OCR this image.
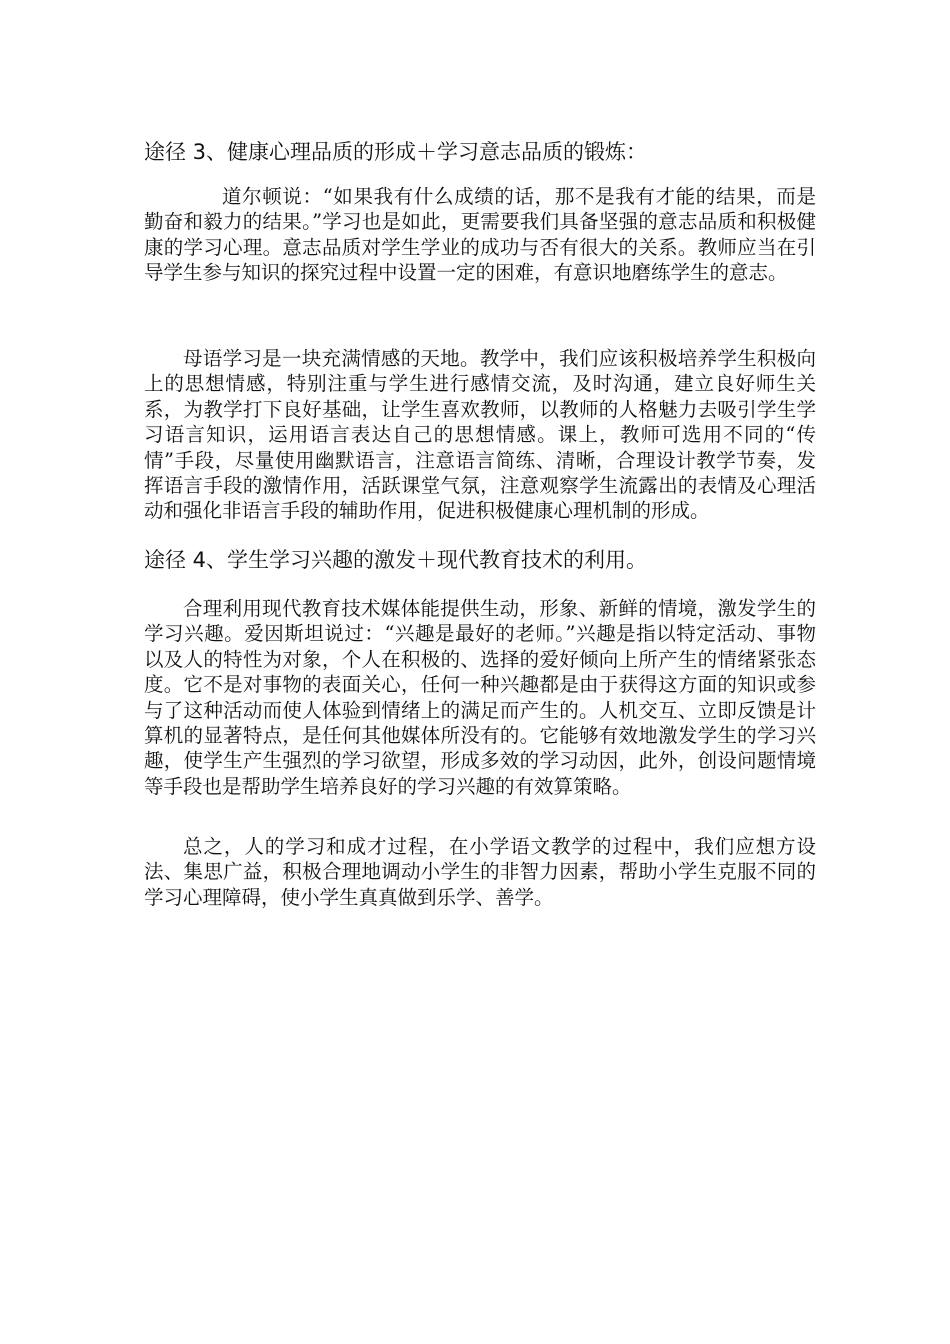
途径 3、健康心理品质的形成＋学习意志品质的锻炼：

道尔顿说：“如果我有什么成绩的话，那不是我有才能的结果，而是勤奋和毅力的结果。”学习也是如此，更需要我们具备坚强的意志品质和积极健康的学习心理。意志品质对学生学业的成功与否有很大的关系。教师应当在引导学生参与知识的探究过程中设置一定的困难，有意识地磨练学生的意志。

母语学习是一块充满情感的天地。教学中，我们应该积极培养学生积极向上的思想情感，特别注重与学生进行感情交流，及时沟通，建立良好师生关系，为教学打下良好基础，让学生喜欢教师，以教师的人格魅力去吸引学生学习语言知识，运用语言表达自己的思想情感。课上，教师可选用不同的“传情”手段，尽量使用幽默语言，注意语言简练、清晰，合理设计教学节奏，发挥语言手段的激情作用，活跃课堂气氛，注意观察学生流露出的表情及心理活动和强化非语言手段的辅助作用，促进积极健康心理机制的形成。

途径 4、学生学习兴趣的激发＋现代教育技术的利用。

合理利用现代教育技术媒体能提供生动，形象、新鲜的情境，激发学生的学习兴趣。爱因斯坦说过：“兴趣是最好的老师。”兴趣是指以特定活动、事物以及人的特性为对象，个人在积极的、选择的爱好倾向上所产生的情绪紧张态度。它不是对事物的表面关心，任何一种兴趣都是由于获得这方面的知识或参与了这种活动而使人体验到情绪上的满足而产生的。人机交互、立即反馈是计算机的显著特点，是任何其他媒体所没有的。它能够有效地激发学生的学习兴趣，使学生产生强烈的学习欲望，形成多效的学习动因，此外，创设问题情境等手段也是帮助学生培养良好的学习兴趣的有效算策略。

总之，人的学习和成才过程，在小学语文教学的过程中，我们应想方设法、集思广益，积极合理地调动小学生的非智力因素，帮助小学生克服不同的学习心理障碍，使小学生真真做到乐学、善学。
